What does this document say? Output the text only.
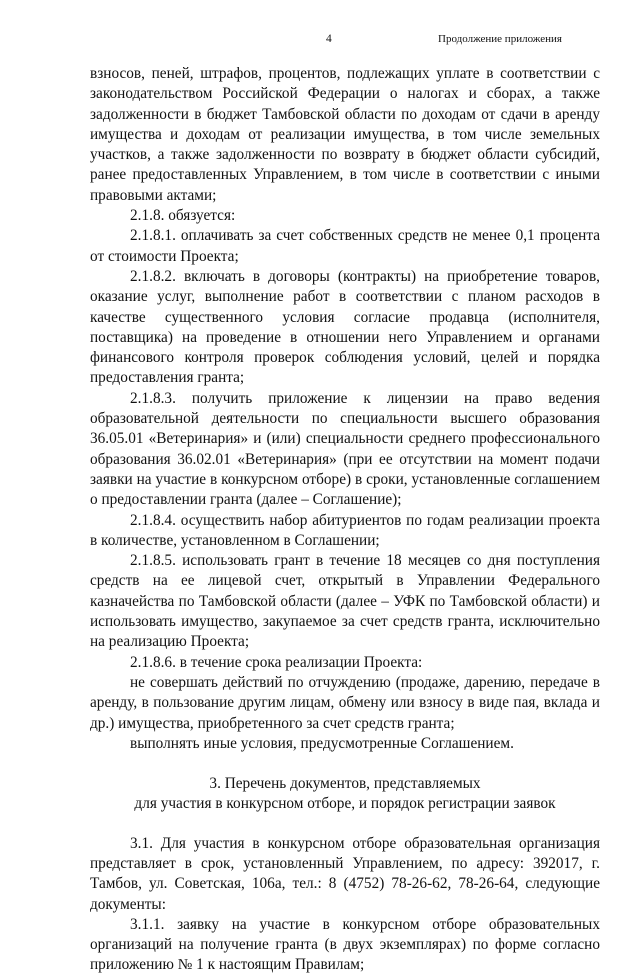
4	Продолжение приложения

взносов, пеней, штрафов, процентов, подлежащих уплате в соответствии с законодательством Российской Федерации о налогах и сборах, а также задолженности в бюджет Тамбовской области по доходам от сдачи в аренду имущества и доходам от реализации имущества, в том числе земельных участков, а также задолженности по возврату в бюджет области субсидий, ранее предоставленных Управлением, в том числе в соответствии с иными правовыми актами;

2.1.8. обязуется:

2.1.8.1. оплачивать за счет собственных средств не менее 0,1 процента от стоимости Проекта;

2.1.8.2. включать в договоры (контракты) на приобретение товаров, оказание услуг, выполнение работ в соответствии с планом расходов в качестве существенного условия согласие продавца (исполнителя, поставщика) на проведение в отношении него Управлением и органами финансового контроля проверок соблюдения условий, целей и порядка предоставления гранта;

2.1.8.3. получить приложение к лицензии на право ведения образовательной деятельности по специальности высшего образования 36.05.01 «Ветеринария» и (или) специальности среднего профессионального образования 36.02.01 «Ветеринария» (при ее отсутствии на момент подачи заявки на участие в конкурсном отборе) в сроки, установленные соглашением о предоставлении гранта (далее – Соглашение);

2.1.8.4. осуществить набор абитуриентов по годам реализации проекта в количестве, установленном в Соглашении;

2.1.8.5. использовать грант в течение 18 месяцев со дня поступления средств на ее лицевой счет, открытый в Управлении Федерального казначейства по Тамбовской области (далее – УФК по Тамбовской области) и использовать имущество, закупаемое за счет средств гранта, исключительно на реализацию Проекта;

2.1.8.6. в течение срока реализации Проекта:

не совершать действий по отчуждению (продаже, дарению, передаче в аренду, в пользование другим лицам, обмену или взносу в виде пая, вклада и др.) имущества, приобретенного за счет средств гранта;

выполнять иные условия, предусмотренные Соглашением.

3. Перечень документов, представляемых

для участия в конкурсном отборе, и порядок регистрации заявок

3.1. Для участия в конкурсном отборе образовательная организация представляет в срок, установленный Управлением, по адресу: 392017, г. Тамбов, ул. Советская, 106а, тел.: 8 (4752) 78-26-62, 78-26-64, следующие документы:

3.1.1. заявку на участие в конкурсном отборе образовательных организаций на получение гранта (в двух экземплярах) по форме согласно приложению № 1 к настоящим Правилам;
